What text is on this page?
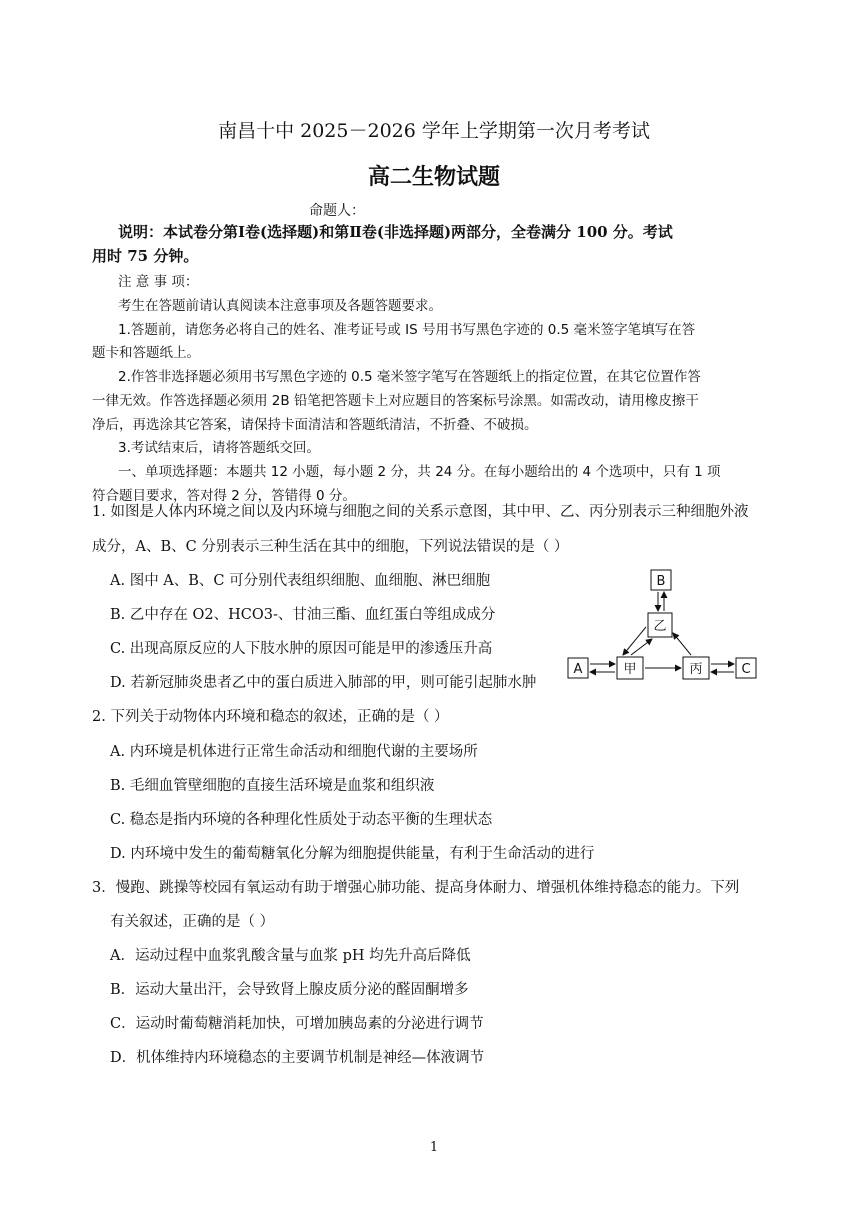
南昌十中 2025－2026 学年上学期第一次月考考试
高二生物试题
命题人：
说明：本试卷分第Ⅰ卷(选择题)和第Ⅱ卷(非选择题)两部分，全卷满分 100 分。考试
用时 75 分钟。
注 意 事 项：
考生在答题前请认真阅读本注意事项及各题答题要求。
1.答题前，请您务必将自己的姓名、准考证号或 IS 号用书写黑色字迹的 0.5 毫米签字笔填写在答
题卡和答题纸上。
2.作答非选择题必须用书写黑色字迹的 0.5 毫米签字笔写在答题纸上的指定位置，在其它位置作答
一律无效。作答选择题必须用 2B 铅笔把答题卡上对应题目的答案标号涂黑。如需改动，请用橡皮擦干
净后，再选涂其它答案，请保持卡面清洁和答题纸清洁，不折叠、不破损。
3.考试结束后，请将答题纸交回。
一、单项选择题：本题共 12 小题，每小题 2 分，共 24 分。在每小题给出的 4 个选项中，只有 1 项
符合题目要求，答对得 2 分，答错得 0 分。
1. 如图是人体内环境之间以及内环境与细胞之间的关系示意图，其中甲、乙、丙分别表示三种细胞外液
成分，A、B、C 分别表示三种生活在其中的细胞，下列说法错误的是（ ）
A. 图中 A、B、C 可分别代表组织细胞、血细胞、淋巴细胞
B. 乙中存在 O2、HCO3-、甘油三酯、血红蛋白等组成成分
C. 出现高原反应的人下肢水肿的原因可能是甲的渗透压升高
D. 若新冠肺炎患者乙中的蛋白质进入肺部的甲，则可能引起肺水肿
B
乙
A	甲	丙	C
2. 下列关于动物体内环境和稳态的叙述，正确的是（ ）
A. 内环境是机体进行正常生命活动和细胞代谢的主要场所
B. 毛细血管壁细胞的直接生活环境是血浆和组织液
C. 稳态是指内环境的各种理化性质处于动态平衡的生理状态
D. 内环境中发生的葡萄糖氧化分解为细胞提供能量，有利于生命活动的进行
3．慢跑、跳操等校园有氧运动有助于增强心肺功能、提高身体耐力、增强机体维持稳态的能力。下列
有关叙述，正确的是（ ）
A．运动过程中血浆乳酸含量与血浆 pH 均先升高后降低
B．运动大量出汗，会导致肾上腺皮质分泌的醛固酮增多
C．运动时葡萄糖消耗加快，可增加胰岛素的分泌进行调节
D．机体维持内环境稳态的主要调节机制是神经—体液调节
1
